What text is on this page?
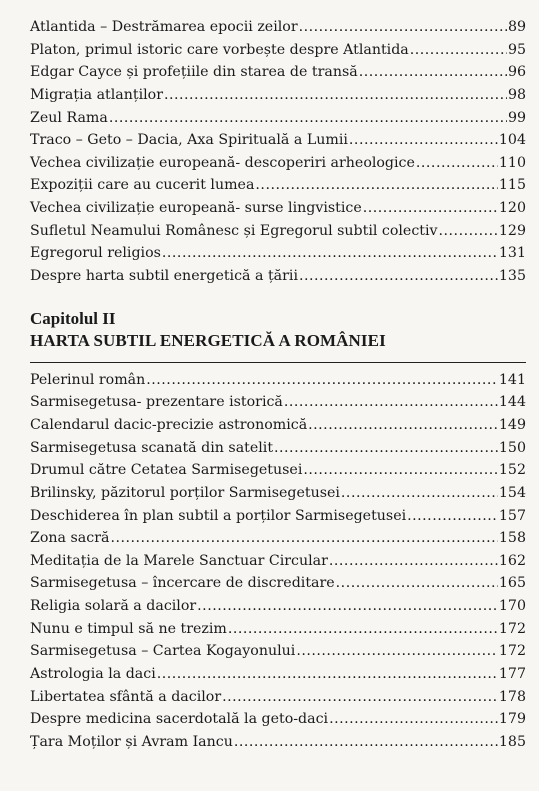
Atlantida – Destrămarea epocii zeilor .....	89
Platon, primul istoric care vorbește despre Atlantida .....	95
Edgar Cayce și profețiile din starea de transă .....	96
Migrația atlanților .....	98
Zeul Rama .....	99
Traco – Geto – Dacia, Axa Spirituală a Lumii .....	104
Vechea civilizație europeană- descoperiri arheologice .....	110
Expoziții care au cucerit lumea .....	115
Vechea civilizație europeană- surse lingvistice .....	120
Sufletul Neamului Românesc și Egregorul subtil colectiv .....	129
Egregorul religios .....	131
Despre harta subtil energetică a țării .....	135
Capitolul II
HARTA SUBTIL ENERGETICĂ A ROMÂNIEI
Pelerinul român .....	141
Sarmisegetusa- prezentare istorică .....	144
Calendarul dacic-precizie astronomică .....	149
Sarmisegetusa scanată din satelit .....	150
Drumul către Cetatea Sarmisegetusei .....	152
Brilinsky, păzitorul porților Sarmisegetusei .....	154
Deschiderea în plan subtil a porților Sarmisegetusei .....	157
Zona sacră .....	158
Meditația de la Marele Sanctuar Circular .....	162
Sarmisegetusa – încercare de discreditare .....	165
Religia solară a dacilor .....	170
Nunu e timpul să ne trezim .....	172
Sarmisegetusa – Cartea Kogayonului .....	172
Astrologia la daci .....	177
Libertatea sfântă a dacilor .....	178
Despre medicina sacerdotală la geto-daci .....	179
Țara Moților și Avram Iancu .....	185
